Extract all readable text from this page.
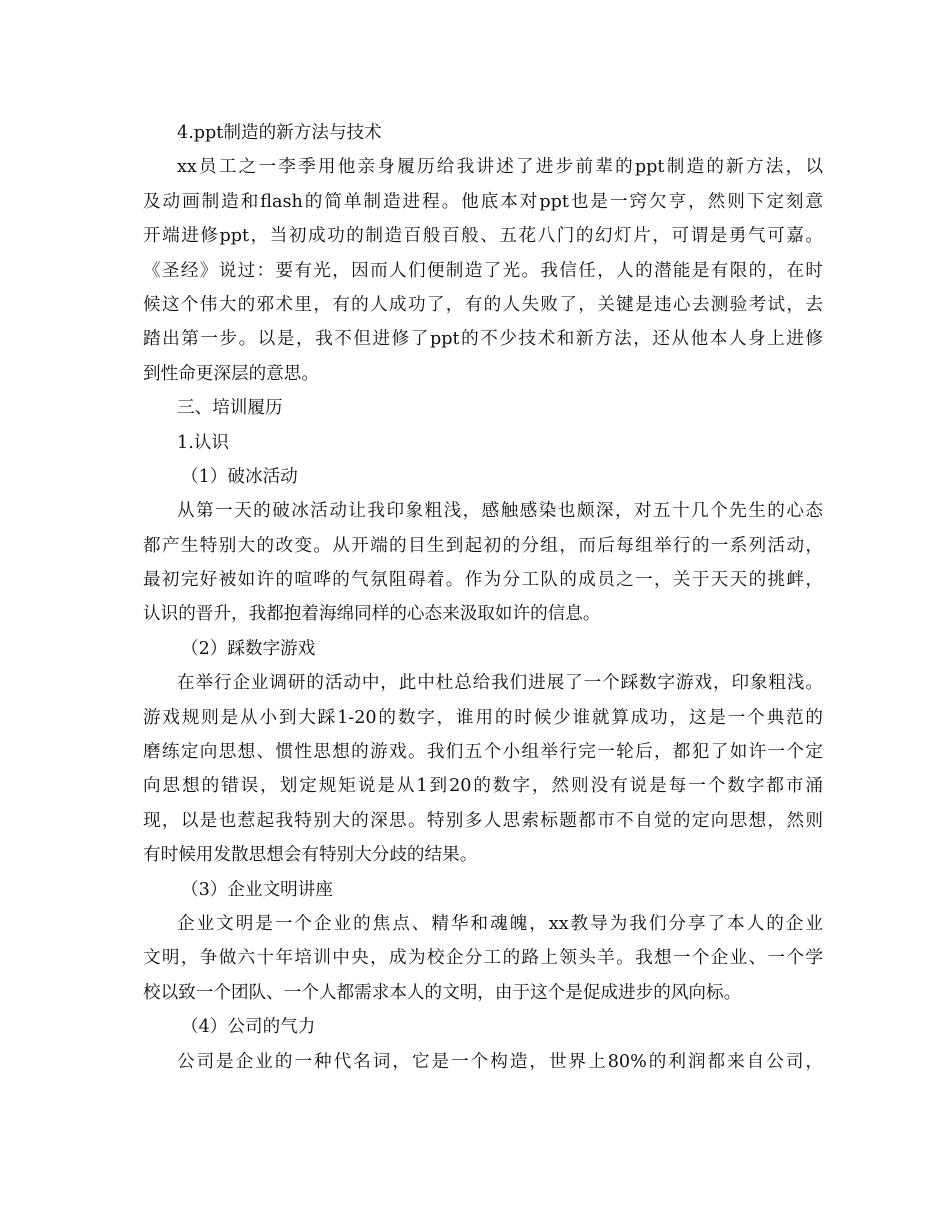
4.ppt制造的新方法与技术
xx员工之一李季用他亲身履历给我讲述了进步前辈的ppt制造的新方法，以
及动画制造和flash的简单制造进程。他底本对ppt也是一窍欠亨，然则下定刻意
开端进修ppt，当初成功的制造百般百般、五花八门的幻灯片，可谓是勇气可嘉。
《圣经》说过：要有光，因而人们便制造了光。我信任，人的潜能是有限的，在时
候这个伟大的邪术里，有的人成功了，有的人失败了，关键是违心去测验考试，去
踏出第一步。以是，我不但进修了ppt的不少技术和新方法，还从他本人身上进修
到性命更深层的意思。
三、培训履历
1.认识
（1）破冰活动
从第一天的破冰活动让我印象粗浅，感触感染也颇深，对五十几个先生的心态
都产生特别大的改变。从开端的目生到起初的分组，而后每组举行的一系列活动，
最初完好被如许的喧哗的气氛阻碍着。作为分工队的成员之一，关于天天的挑衅，
认识的晋升，我都抱着海绵同样的心态来汲取如许的信息。
（2）踩数字游戏
在举行企业调研的活动中，此中杜总给我们进展了一个踩数字游戏，印象粗浅。
游戏规则是从小到大踩1-20的数字，谁用的时候少谁就算成功，这是一个典范的
磨练定向思想、惯性思想的游戏。我们五个小组举行完一轮后，都犯了如许一个定
向思想的错误，划定规矩说是从1到20的数字，然则没有说是每一个数字都市涌
现，以是也惹起我特别大的深思。特别多人思索标题都市不自觉的定向思想，然则
有时候用发散思想会有特别大分歧的结果。
（3）企业文明讲座
企业文明是一个企业的焦点、精华和魂魄，xx教导为我们分享了本人的企业
文明，争做六十年培训中央，成为校企分工的路上领头羊。我想一个企业、一个学
校以致一个团队、一个人都需求本人的文明，由于这个是促成进步的风向标。
（4）公司的气力
公司是企业的一种代名词，它是一个构造，世界上80%的利润都来自公司，
